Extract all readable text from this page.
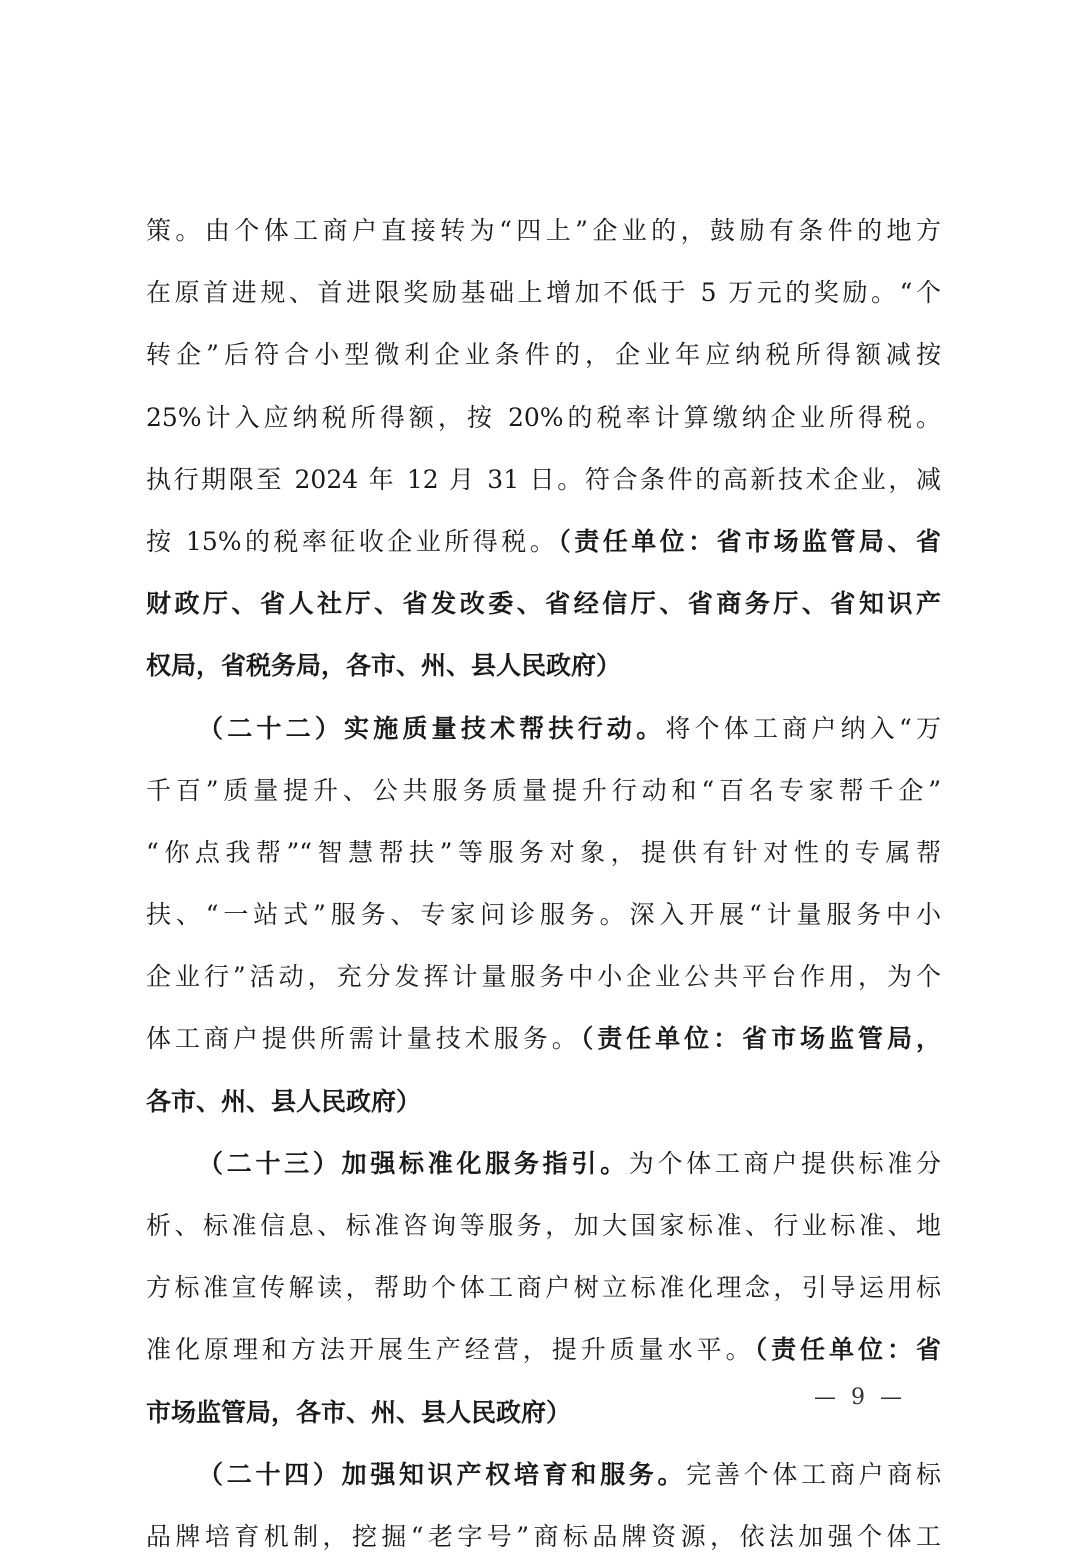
策。由个体工商户直接转为“四上”企业的，鼓励有条件的地方
在原首进规、首进限奖励基础上增加不低于 5 万元的奖励。“个
转企”后符合小型微利企业条件的，企业年应纳税所得额减按
25%计入应纳税所得额，按 20%的税率计算缴纳企业所得税。
执行期限至 2024 年 12 月 31 日。符合条件的高新技术企业，减
按 15%的税率征收企业所得税。（责任单位：省市场监管局、省
财政厅、省人社厅、省发改委、省经信厅、省商务厅、省知识产
权局，省税务局，各市、州、县人民政府）
（二十二）实施质量技术帮扶行动。将个体工商户纳入“万
千百”质量提升、公共服务质量提升行动和“百名专家帮千企”
“你点我帮”“智慧帮扶”等服务对象，提供有针对性的专属帮
扶、“一站式”服务、专家问诊服务。深入开展“计量服务中小
企业行”活动，充分发挥计量服务中小企业公共平台作用，为个
体工商户提供所需计量技术服务。（责任单位：省市场监管局，
各市、州、县人民政府）
（二十三）加强标准化服务指引。为个体工商户提供标准分
析、标准信息、标准咨询等服务，加大国家标准、行业标准、地
方标准宣传解读，帮助个体工商户树立标准化理念，引导运用标
准化原理和方法开展生产经营，提升质量水平。（责任单位：省
市场监管局，各市、州、县人民政府）
（二十四）加强知识产权培育和服务。完善个体工商户商标
品牌培育机制，挖掘“老字号”商标品牌资源，依法加强个体工
— 9 —
